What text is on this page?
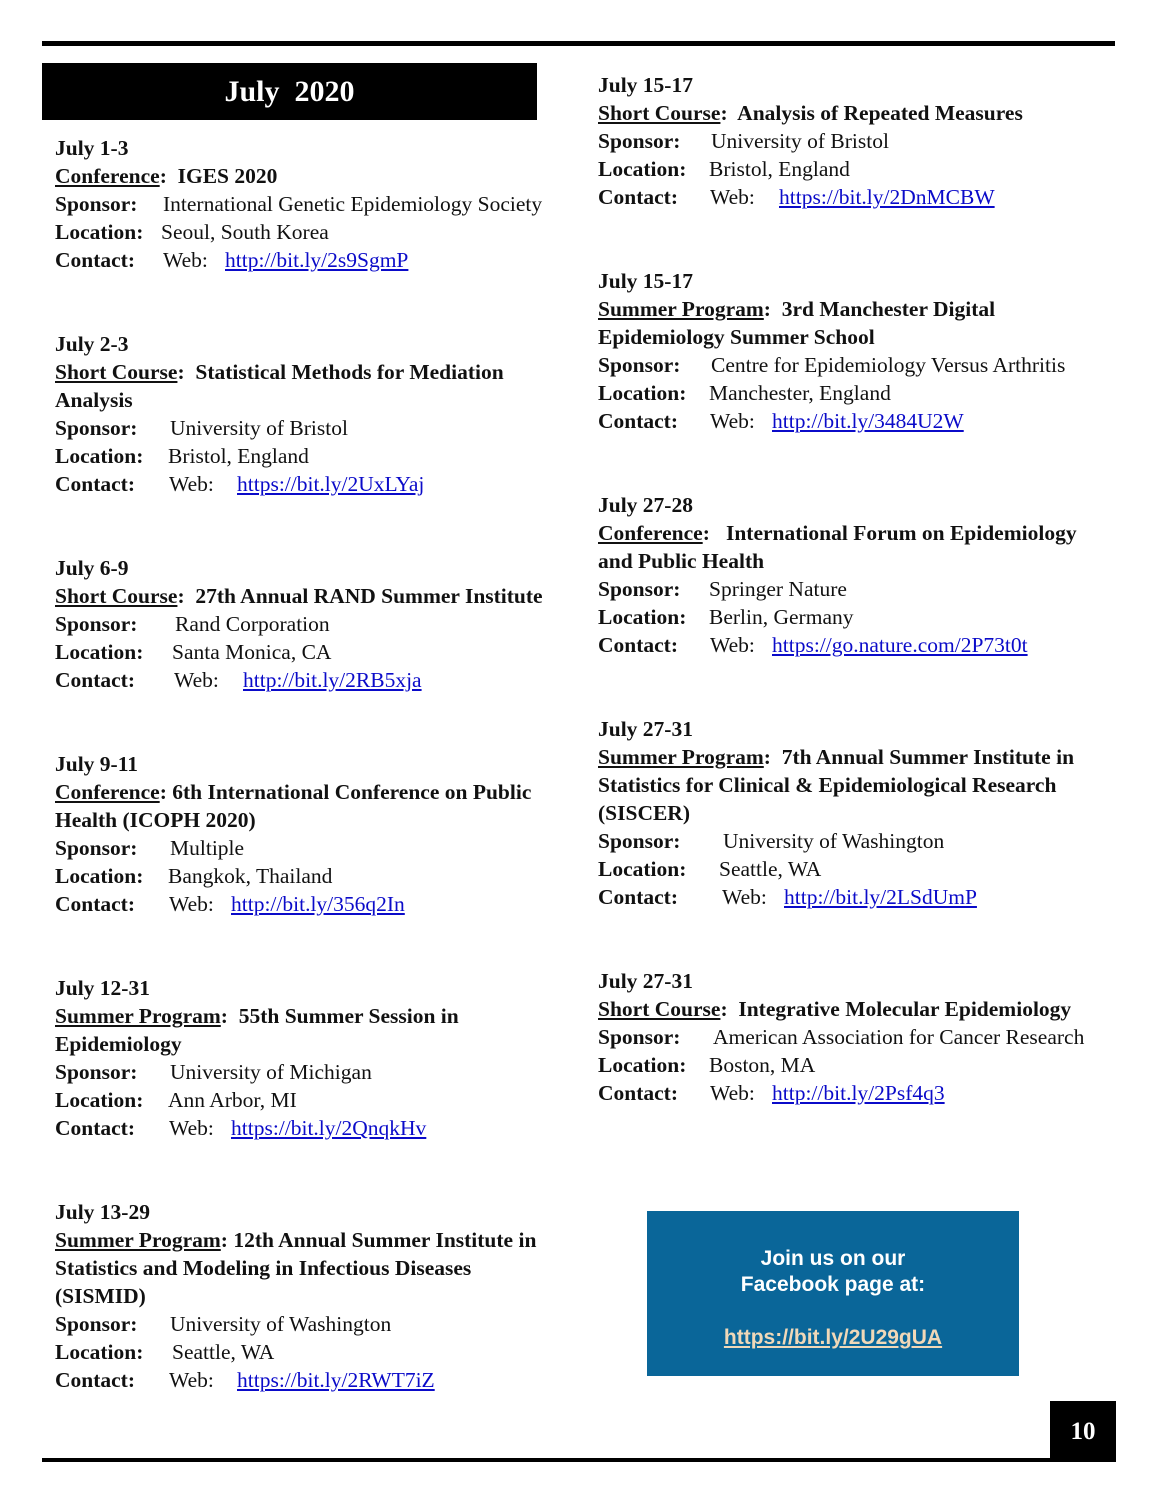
July  2020

July 1-3

Conference:  IGES 2020

Sponsor: International Genetic Epidemiology Society

Location: Seoul, South Korea

Contact: Web: http://bit.ly/2s9SgmP

July 2-3

Short Course:  Statistical Methods for Mediation Analysis

Sponsor: University of Bristol

Location: Bristol, England

Contact: Web: https://bit.ly/2UxLYaj

July 6-9

Short Course:  27th Annual RAND Summer Institute

Sponsor: Rand Corporation

Location: Santa Monica, CA

Contact: Web: http://bit.ly/2RB5xja

July 9-11

Conference: 6th International Conference on Public Health (ICOPH 2020)

Sponsor: Multiple

Location: Bangkok, Thailand

Contact: Web: http://bit.ly/356q2In

July 12-31

Summer Program:  55th Summer Session in Epidemiology

Sponsor: University of Michigan

Location: Ann Arbor, MI

Contact: Web: https://bit.ly/2QnqkHv

July 13-29

Summer Program: 12th Annual Summer Institute in Statistics and Modeling in Infectious Diseases (SISMID)

Sponsor: University of Washington

Location: Seattle, WA

Contact: Web: https://bit.ly/2RWT7iZ

July 15-17

Short Course:  Analysis of Repeated Measures

Sponsor: University of Bristol

Location: Bristol, England

Contact: Web: https://bit.ly/2DnMCBW

July 15-17

Summer Program:  3rd Manchester Digital Epidemiology Summer School

Sponsor: Centre for Epidemiology Versus Arthritis

Location: Manchester, England

Contact: Web: http://bit.ly/3484U2W

July 27-28

Conference:   International Forum on Epidemiology and Public Health

Sponsor: Springer Nature

Location: Berlin, Germany

Contact: Web: https://go.nature.com/2P73t0t

July 27-31

Summer Program:  7th Annual Summer Institute in Statistics for Clinical & Epidemiological Research (SISCER)

Sponsor: University of Washington

Location: Seattle, WA

Contact: Web: http://bit.ly/2LSdUmP

July 27-31

Short Course:  Integrative Molecular Epidemiology

Sponsor: American Association for Cancer Research

Location: Boston, MA

Contact: Web: http://bit.ly/2Psf4q3

Join us on our
Facebook page at:
https://bit.ly/2U29gUA
10
